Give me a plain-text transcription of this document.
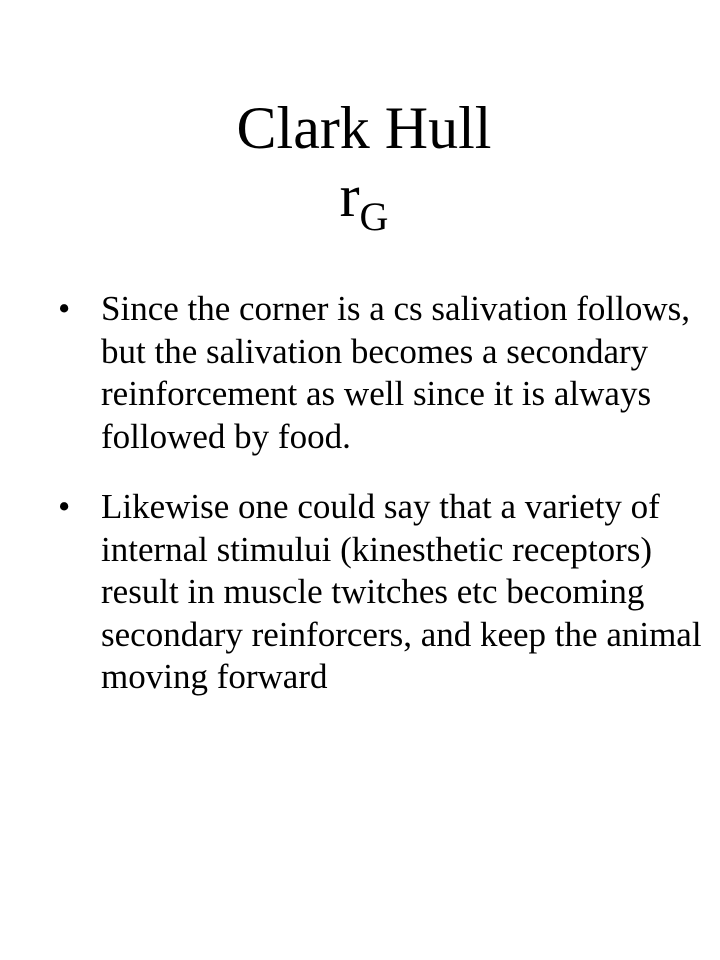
Clark Hull
$r_G$
• Since the corner is a cs salivation follows, but the salivation becomes a secondary reinforcement as well since it is always followed by food.
• Likewise one could say that a variety of internal stimului (kinesthetic receptors) result in muscle twitches etc becoming secondary reinforcers, and keep the animal moving forward
